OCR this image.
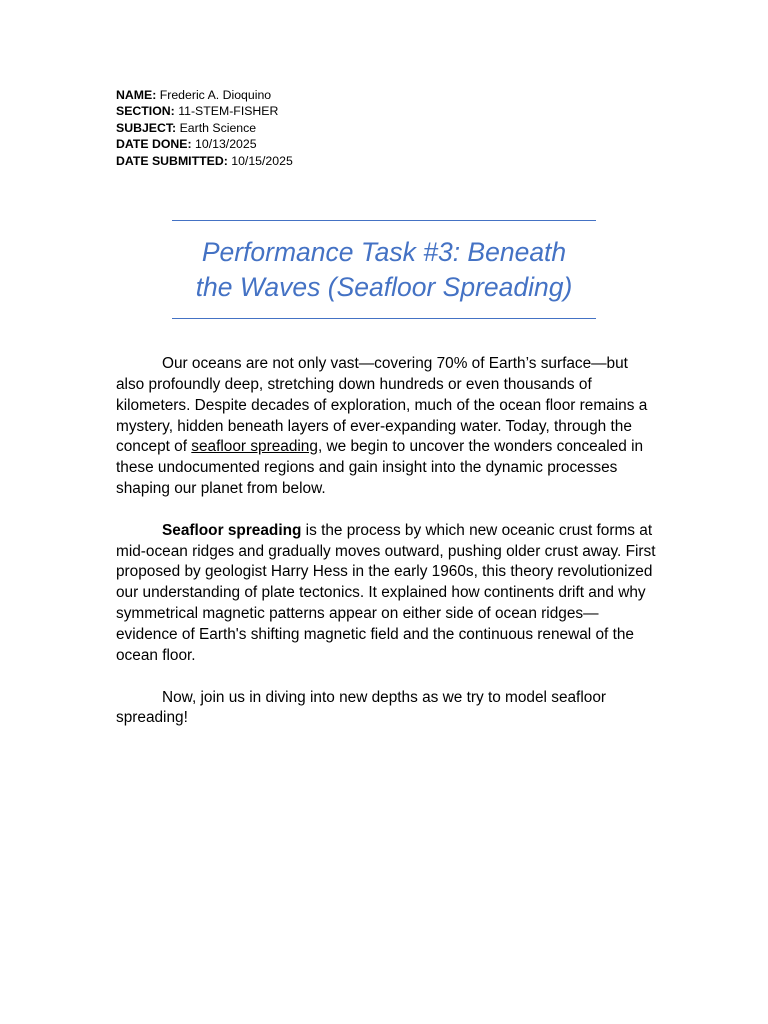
NAME: Frederic A. Dioquino
SECTION: 11-STEM-FISHER
SUBJECT: Earth Science
DATE DONE: 10/13/2025
DATE SUBMITTED: 10/15/2025
Performance Task #3: Beneath
the Waves (Seafloor Spreading)

Our oceans are not only vast—covering 70% of Earth’s surface—but also profoundly deep, stretching down hundreds or even thousands of kilometers. Despite decades of exploration, much of the ocean floor remains a mystery, hidden beneath layers of ever-expanding water. Today, through the concept of seafloor spreading, we begin to uncover the wonders concealed in these undocumented regions and gain insight into the dynamic processes shaping our planet from below.

Seafloor spreading is the process by which new oceanic crust forms at mid-ocean ridges and gradually moves outward, pushing older crust away. First proposed by geologist Harry Hess in the early 1960s, this theory revolutionized our understanding of plate tectonics. It explained how continents drift and why symmetrical magnetic patterns appear on either side of ocean ridges—evidence of Earth's shifting magnetic field and the continuous renewal of the ocean floor.

Now, join us in diving into new depths as we try to model seafloor spreading!
